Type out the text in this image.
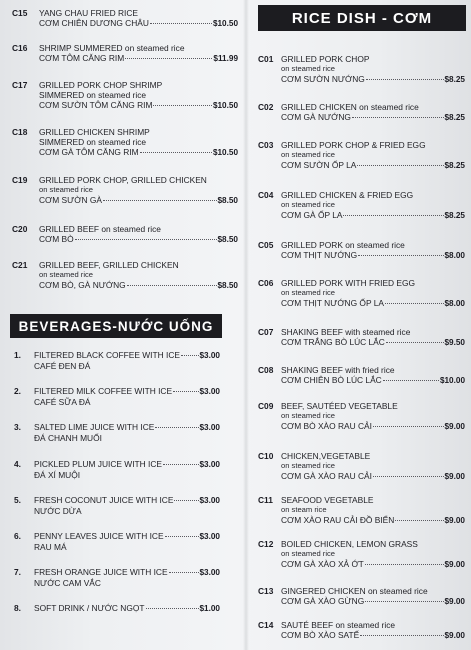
C15 YANG CHAU FRIED RICE
CƠM CHIÊN DƯƠNG CHÂU	$10.50
C16 SHRIMP SUMMERED on steamed rice
CƠM TÔM CĂNG RIM	$11.99
C17 GRILLED PORK CHOP SHRIMP
SIMMERED on steamed rice
CƠM SƯỜN TÔM CĂNG RIM	$10.50
C18 GRILLED CHICKEN SHRIMP
SIMMERED on steamed rice
CƠM GÀ TÔM CĂNG RIM	$10.50
C19 GRILLED PORK CHOP, GRILLED CHICKEN
on steamed rice
CƠM SƯỜN GÀ	$8.50
C20 GRILLED BEEF on steamed rice
CƠM BÒ	$8.50
C21 GRILLED BEEF, GRILLED CHICKEN
on steamed rice
CƠM BÒ, GÀ NƯỚNG	$8.50
BEVERAGES-NƯỚC UỐNG
1. FILTERED BLACK COFFEE WITH ICE $3.00
CAFÉ ĐEN ĐÁ
2. FILTERED MILK COFFEE WITH ICE	$3.00
CAFÉ SỮA ĐÁ
3. SALTED LIME JUICE WITH ICE	$3.00
ĐÁ CHANH MUỐI
4. PICKLED PLUM JUICE WITH ICE	$3.00
ĐÁ XÍ MUỘI
5. FRESH COCONUT JUICE WITH ICE	$3.00
NƯỚC DỪA
6. PENNY LEAVES JUICE WITH ICE	$3.00
RAU MÁ
7. FRESH ORANGE JUICE WITH ICE	$3.00
NƯỚC CAM VẮC
8. SOFT DRINK / NƯỚC NGỌT	$1.00
RICE DISH - CƠM
C01 GRILLED PORK CHOP
on steamed rice
CƠM SƯỜN NƯỚNG	$8.25
C02 GRILLED CHICKEN on steamed rice
CƠM GÀ NƯỚNG	$8.25
C03 GRILLED PORK CHOP & FRIED EGG
on steamed rice
CƠM SƯỜN ỐP LA	$8.25
C04 GRILLED CHICKEN & FRIED EGG
on steamed rice
CƠM GÀ ỐP LA	$8.25
C05 GRILLED PORK on steamed rice
CƠM THỊT NƯỚNG	$8.00
C06 GRILLED PORK WITH FRIED EGG
on steamed rice
CƠM THỊT NƯỚNG ỐP LA	$8.00
C07 SHAKING BEEF with steamed rice
CƠM TRẮNG BÒ LÚC LẮC	$9.50
C08 SHAKING BEEF with fried rice
CƠM CHIÊN BÒ LÚC LẮC	$10.00
C09 BEEF, SAUTÉED VEGETABLE
on steamed rice
CƠM BÒ XÀO RAU CẢI	$9.00
C10 CHICKEN,VEGETABLE
on steamed rice
CƠM GÀ XÀO RAU CẢI	$9.00
C11 SEAFOOD VEGETABLE
on steam rice
CƠM XÀO RAU CẢI ĐỒ BIỂN	$9.00
C12 BOILED CHICKEN, LEMON GRASS
on steamed rice
CƠM GÀ XÀO XẢ ỚT	$9.00
C13 GINGERED CHICKEN on steamed rice
CƠM GÀ XÀO GỪNG	$9.00
C14 SAUTÉ BEEF on steamed rice
CƠM BÒ XÀO SATẾ	$9.00
